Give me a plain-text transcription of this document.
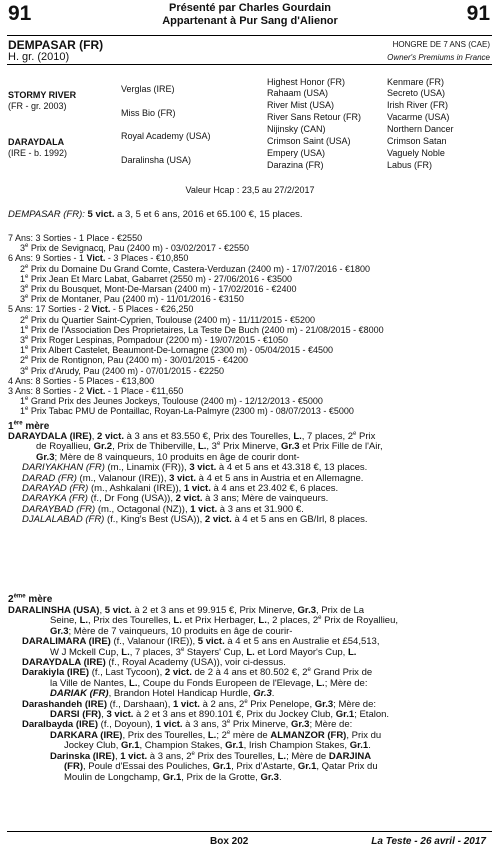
91	91
Présenté par Charles Gourdain
Appartenant à Pur Sang d'Alienor
DEMPASAR (FR)
H. gr. (2010)
HONGRE DE 7 ANS (CAE)
Owner's Premiums in France
STORMY RIVER
(FR - gr. 2003)
DARAYDALA
(IRE - b. 1992)
Verglas (IRE)
Miss Bio (FR)
Royal Academy (USA)
Daralinsha (USA)
Highest Honor (FR)
Rahaam (USA)
River Mist (USA)
River Sans Retour (FR)
Nijinsky (CAN)
Crimson Saint (USA)
Empery (USA)
Darazina (FR)
Kenmare (FR)
Secreto (USA)
Irish River (FR)
Vacarme (USA)
Northern Dancer
Crimson Satan
Vaguely Noble
Labus (FR)
Valeur Hcap : 23,5 au 27/2/2017
DEMPASAR (FR): 5 vict. a 3, 5 et 6 ans, 2016 et 65.100 €, 15 places.
7 Ans: 3 Sorties - 1 Place - €2550
3e Prix de Sevignacq, Pau (2400 m) - 03/02/2017 - €2550
6 Ans: 9 Sorties - 1 Vict. - 3 Places - €10,850
2e Prix du Domaine Du Grand Comte, Castera-Verduzan (2400 m) - 17/07/2016 - €1800
1e Prix Jean Et Marc Labat, Gabarret (2550 m) - 27/06/2016 - €3500
3e Prix du Bousquet, Mont-De-Marsan (2400 m) - 17/02/2016 - €2400
3e Prix de Montaner, Pau (2400 m) - 11/01/2016 - €3150
5 Ans: 17 Sorties - 2 Vict. - 5 Places - €26,250
2e Prix du Quartier Saint-Cyprien, Toulouse (2400 m) - 11/11/2015 - €5200
1e Prix de l'Association Des Proprietaires, La Teste De Buch (2400 m) - 21/08/2015 - €8000
3e Prix Roger Lespinas, Pompadour (2200 m) - 19/07/2015 - €1050
1e Prix Albert Castelet, Beaumont-De-Lomagne (2300 m) - 05/04/2015 - €4500
2e Prix de Rontignon, Pau (2400 m) - 30/01/2015 - €4200
3e Prix d'Arudy, Pau (2400 m) - 07/01/2015 - €2250
4 Ans: 8 Sorties - 5 Places - €13,800
3 Ans: 8 Sorties - 2 Vict. - 1 Place - €11,650
1e Grand Prix des Jeunes Jockeys, Toulouse (2400 m) - 12/12/2013 - €5000
1e Prix Tabac PMU de Pontaillac, Royan-La-Palmyre (2300 m) - 08/07/2013 - €5000
1ère mère
DARAYDALA (IRE), 2 vict. à 3 ans et 83.550 €, Prix des Tourelles, L., 7 places, 2e Prix
de Royallieu, Gr.2, Prix de Thiberville, L., 3e Prix Minerve, Gr.3 et Prix Fille de l'Air,
Gr.3; Mère de 8 vainqueurs, 10 produits en âge de courir dont-
DARIYAKHAN (FR) (m., Linamix (FR)), 3 vict. à 4 et 5 ans et 43.318 €, 13 places.
DARAD (FR) (m., Valanour (IRE)), 3 vict. à 4 et 5 ans in Austria et en Allemagne.
DARAYAD (FR) (m., Ashkalani (IRE)), 1 vict. à 4 ans et 23.402 €, 6 places.
DARAYKA (FR) (f., Dr Fong (USA)), 2 vict. à 3 ans; Mère de vainqueurs.
DARAYBAD (FR) (m., Octagonal (NZ)), 1 vict. à 3 ans et 31.900 €.
DJALALABAD (FR) (f., King's Best (USA)), 2 vict. à 4 et 5 ans en GB/Irl, 8 places.
2ème mère
DARALINSHA (USA), 5 vict. à 2 et 3 ans et 99.915 €, Prix Minerve, Gr.3, Prix de La
Seine, L., Prix des Tourelles, L. et Prix Herbager, L., 2 places, 2e Prix de Royallieu,
Gr.3; Mère de 7 vainqueurs, 10 produits en âge de courir-
DARALIMARA (IRE) (f., Valanour (IRE)), 5 vict. à 4 et 5 ans en Australie et £54,513,
W J Mckell Cup, L., 7 places, 3e Stayers' Cup, L. et Lord Mayor's Cup, L.
DARAYDALA (IRE) (f., Royal Academy (USA)), voir ci-dessus.
Darakiyla (IRE) (f., Last Tycoon), 2 vict. de 2 à 4 ans et 80.502 €, 2e Grand Prix de
la Ville de Nantes, L., Coupe du Fonds Europeen de l'Elevage, L.; Mère de:
DARIAK (FR), Brandon Hotel Handicap Hurdle, Gr.3.
Darashandeh (IRE) (f., Darshaan), 1 vict. à 2 ans, 2e Prix Penelope, Gr.3; Mère de:
DARSI (FR), 3 vict. à 2 et 3 ans et 890.101 €, Prix du Jockey Club, Gr.1; Etalon.
Daralbayda (IRE) (f., Doyoun), 1 vict. à 3 ans, 3e Prix Minerve, Gr.3; Mère de:
DARKARA (IRE), Prix des Tourelles, L.; 2e mère de ALMANZOR (FR), Prix du
Jockey Club, Gr.1, Champion Stakes, Gr.1, Irish Champion Stakes, Gr.1.
Darinska (IRE), 1 vict. à 3 ans, 2e Prix des Tourelles, L.; Mère de DARJINA
(FR), Poule d'Essai des Pouliches, Gr.1, Prix d'Astarte, Gr.1, Qatar Prix du
Moulin de Longchamp, Gr.1, Prix de la Grotte, Gr.3.
Box 202	La Teste - 26 avril - 2017
